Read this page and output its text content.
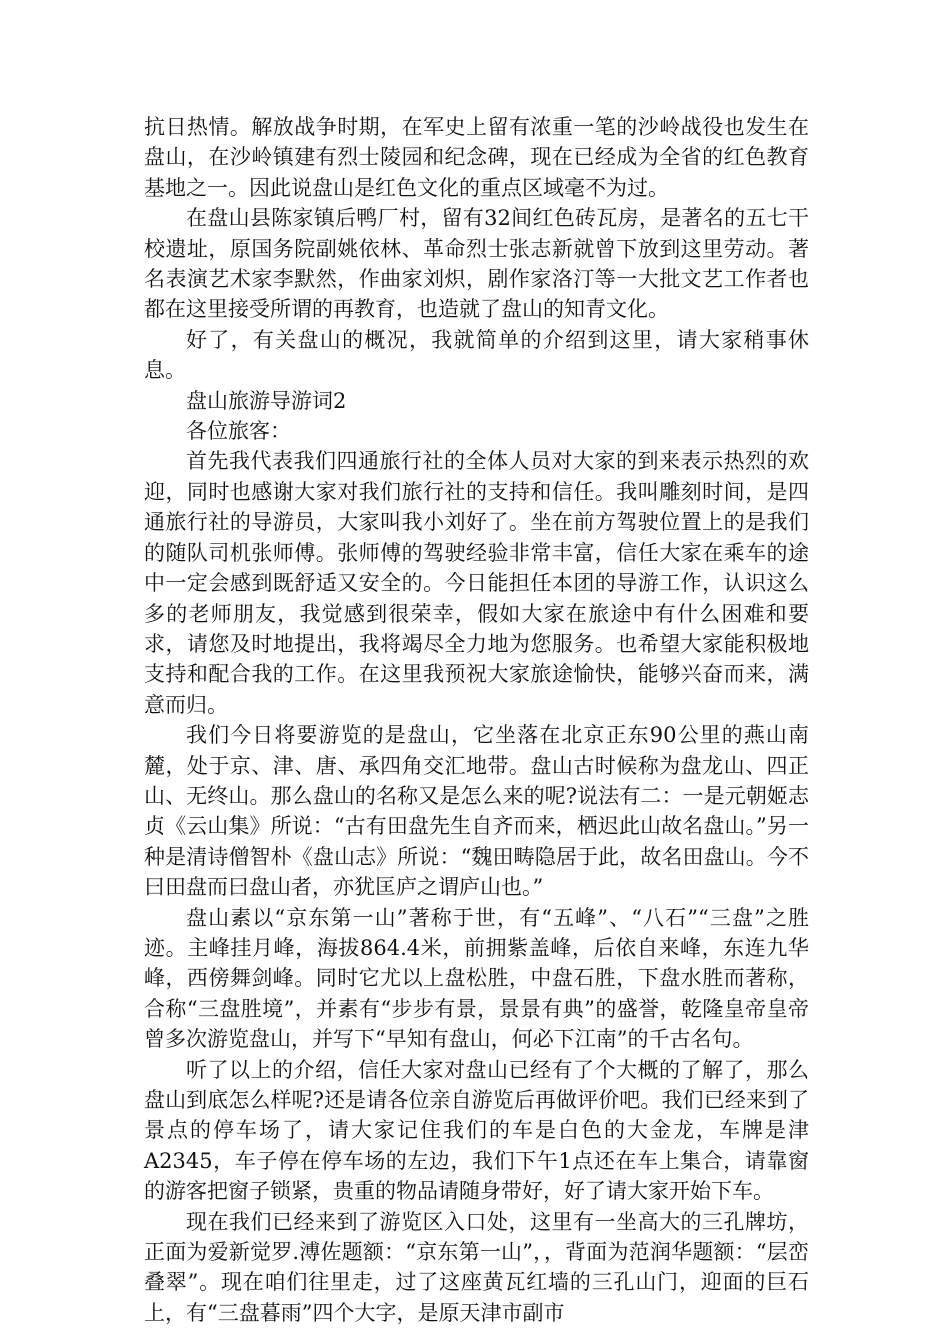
抗日热情。解放战争时期，在军史上留有浓重一笔的沙岭战役也发生在盘山，在沙岭镇建有烈士陵园和纪念碑，现在已经成为全省的红色教育基地之一。因此说盘山是红色文化的重点区域毫不为过。

在盘山县陈家镇后鸭厂村，留有32间红色砖瓦房，是著名的五七干校遗址，原国务院副姚依林、革命烈士张志新就曾下放到这里劳动。著名表演艺术家李默然，作曲家刘炽，剧作家洛汀等一大批文艺工作者也都在这里接受所谓的再教育，也造就了盘山的知青文化。

好了，有关盘山的概况，我就简单的介绍到这里，请大家稍事休息。

盘山旅游导游词2

各位旅客：

首先我代表我们四通旅行社的全体人员对大家的到来表示热烈的欢迎，同时也感谢大家对我们旅行社的支持和信任。我叫雕刻时间，是四通旅行社的导游员，大家叫我小刘好了。坐在前方驾驶位置上的是我们的随队司机张师傅。张师傅的驾驶经验非常丰富，信任大家在乘车的途中一定会感到既舒适又安全的。今日能担任本团的导游工作，认识这么多的老师朋友，我觉感到很荣幸，假如大家在旅途中有什么困难和要求，请您及时地提出，我将竭尽全力地为您服务。也希望大家能积极地支持和配合我的工作。在这里我预祝大家旅途愉快，能够兴奋而来，满意而归。

我们今日将要游览的是盘山，它坐落在北京正东90公里的燕山南麓，处于京、津、唐、承四角交汇地带。盘山古时候称为盘龙山、四正山、无终山。那么盘山的名称又是怎么来的呢?说法有二：一是元朝姬志贞《云山集》所说：“古有田盘先生自齐而来，栖迟此山故名盘山。”另一种是清诗僧智朴《盘山志》所说：“魏田畴隐居于此，故名田盘山。今不曰田盘而曰盘山者，亦犹匡庐之谓庐山也。”

盘山素以“京东第一山”著称于世，有“五峰”、“八石”“三盘”之胜迹。主峰挂月峰，海拔864.4米，前拥紫盖峰，后依自来峰，东连九华峰，西傍舞剑峰。同时它尤以上盘松胜，中盘石胜，下盘水胜而著称，合称“三盘胜境”，并素有“步步有景，景景有典”的盛誉，乾隆皇帝皇帝曾多次游览盘山，并写下“早知有盘山，何必下江南”的千古名句。

听了以上的介绍，信任大家对盘山已经有了个大概的了解了，那么盘山到底怎么样呢?还是请各位亲自游览后再做评价吧。我们已经来到了景点的停车场了，请大家记住我们的车是白色的大金龙，车牌是津A2345，车子停在停车场的左边，我们下午1点还在车上集合，请靠窗的游客把窗子锁紧，贵重的物品请随身带好，好了请大家开始下车。

现在我们已经来到了游览区入口处，这里有一坐高大的三孔牌坊，正面为爱新觉罗.溥佐题额：“京东第一山”，，背面为范润华题额：“层峦叠翠”。现在咱们往里走，过了这座黄瓦红墙的三孔山门，迎面的巨石上，有“三盘暮雨”四个大字，是原天津市副市
